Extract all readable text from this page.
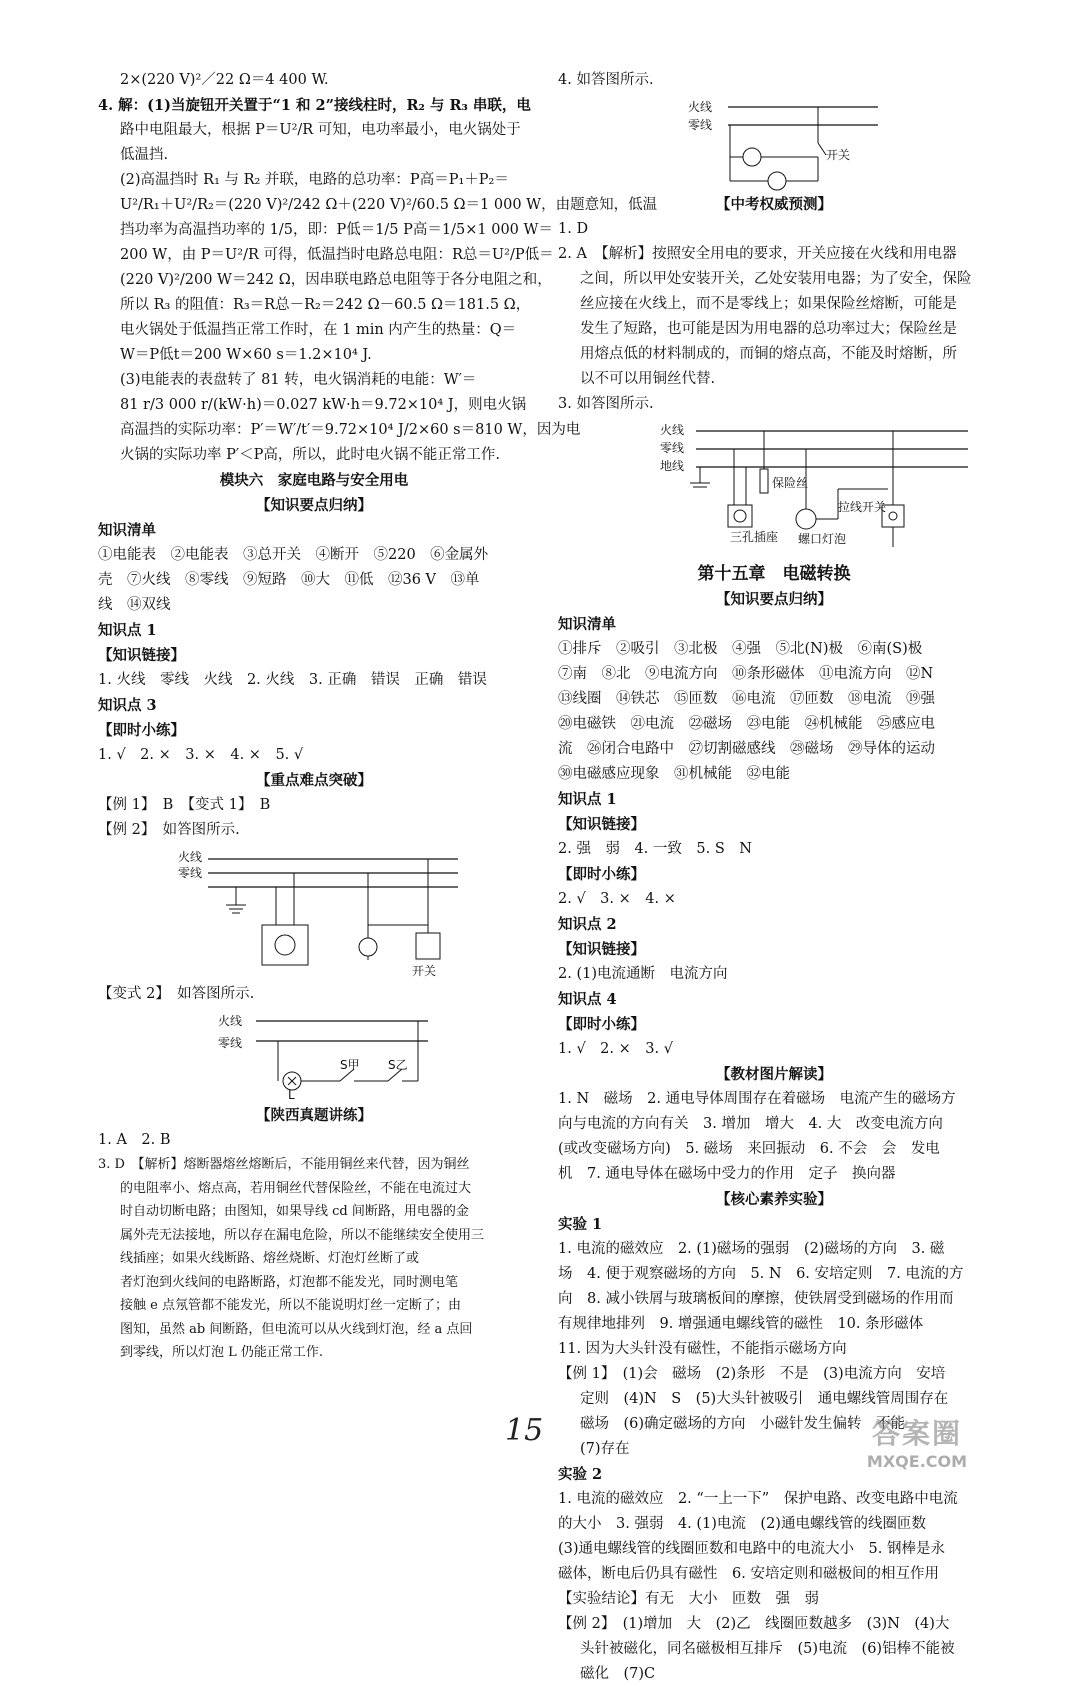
2×(220 V)²／22 Ω＝4 400 W.
4. 解：(1)当旋钮开关置于“1 和 2”接线柱时，R₂ 与 R₃ 串联，电
路中电阻最大，根据 P＝U²/R 可知，电功率最小，电火锅处于
低温挡.
(2)高温挡时 R₁ 与 R₂ 并联，电路的总功率：P高＝P₁＋P₂＝
U²/R₁＋U²/R₂＝(220 V)²/242 Ω＋(220 V)²/60.5 Ω＝1 000 W，由题意知，低温
挡功率为高温挡功率的 1/5，即：P低＝1/5 P高＝1/5×1 000 W＝
200 W，由 P＝U²/R 可得，低温挡时电路总电阻：R总＝U²/P低＝
(220 V)²/200 W＝242 Ω，因串联电路总电阻等于各分电阻之和，
所以 R₃ 的阻值：R₃＝R总－R₂＝242 Ω－60.5 Ω＝181.5 Ω，
电火锅处于低温挡正常工作时，在 1 min 内产生的热量：Q＝
W＝P低t＝200 W×60 s＝1.2×10⁴ J.
(3)电能表的表盘转了 81 转，电火锅消耗的电能：W′＝
81 r/3 000 r/(kW·h)＝0.027 kW·h＝9.72×10⁴ J，则电火锅
高温挡的实际功率：P′＝W′/t′＝9.72×10⁴ J/2×60 s＝810 W，因为电
火锅的实际功率 P′＜P高，所以，此时电火锅不能正常工作.
模块六　家庭电路与安全用电
【知识要点归纳】
知识清单
①电能表　②电能表　③总开关　④断开　⑤220　⑥金属外
壳　⑦火线　⑧零线　⑨短路　⑩大　⑪低　⑫36 V　⑬单
线　⑭双线
知识点 1
【知识链接】
1. 火线　零线　火线　2. 火线　3. 正确　错误　正确　错误
知识点 3
【即时小练】
1. √　2. ×　3. ×　4. ×　5. √
【重点难点突破】
【例 1】　B　【变式 1】　B
【例 2】　如答图所示.
火线
零线
开关
【变式 2】　如答图所示.
火线
零线
L
S甲 S乙
【陕西真题讲练】
1. A　2. B
3. D　【解析】熔断器熔丝熔断后，不能用铜丝来代替，因为铜丝
的电阻率小、熔点高，若用铜丝代替保险丝，不能在电流过大
时自动切断电路；由图知，如果导线 cd 间断路，用电器的金
属外壳无法接地，所以存在漏电危险，所以不能继续安全使用三
线插座；如果火线断路、熔丝烧断、灯泡灯丝断了或
者灯泡到火线间的电路断路，灯泡都不能发光，同时测电笔
接触 e 点氖管都不能发光，所以不能说明灯丝一定断了；由
图知，虽然 ab 间断路，但电流可以从火线到灯泡，经 a 点回
到零线，所以灯泡 L 仍能正常工作.
4. 如答图所示.
火线
零线
开关
【中考权威预测】
1. D
2. A　【解析】按照安全用电的要求，开关应接在火线和用电器
之间，所以甲处安装开关，乙处安装用电器；为了安全，保险
丝应接在火线上，而不是零线上；如果保险丝熔断，可能是
发生了短路，也可能是因为用电器的总功率过大；保险丝是
用熔点低的材料制成的，而铜的熔点高，不能及时熔断，所
以不可以用铜丝代替.
3. 如答图所示.
火线
零线
地线
三孔插座
保险丝
螺口灯泡
拉线开关
第十五章　电磁转换
【知识要点归纳】
知识清单
①排斥　②吸引　③北极　④强　⑤北(N)极　⑥南(S)极
⑦南　⑧北　⑨电流方向　⑩条形磁体　⑪电流方向　⑫N
⑬线圈　⑭铁芯　⑮匝数　⑯电流　⑰匝数　⑱电流　⑲强
⑳电磁铁　㉑电流　㉒磁场　㉓电能　㉔机械能　㉕感应电
流　㉖闭合电路中　㉗切割磁感线　㉘磁场　㉙导体的运动
㉚电磁感应现象　㉛机械能　㉜电能
知识点 1
【知识链接】
2. 强　弱　4. 一致　5. S　N
【即时小练】
2. √　3. ×　4. ×
知识点 2
【知识链接】
2. (1)电流通断　电流方向
知识点 4
【即时小练】
1. √　2. ×　3. √
【教材图片解读】
1. N　磁场　2. 通电导体周围存在着磁场　电流产生的磁场方
向与电流的方向有关　3. 增加　增大　4. 大　改变电流方向
(或改变磁场方向)　5. 磁场　来回振动　6. 不会　会　发电
机　7. 通电导体在磁场中受力的作用　定子　换向器
【核心素养实验】
实验 1
1. 电流的磁效应　2. (1)磁场的强弱　(2)磁场的方向　3. 磁
场　4. 便于观察磁场的方向　5. N　6. 安培定则　7. 电流的方
向　8. 减小铁屑与玻璃板间的摩擦，使铁屑受到磁场的作用而
有规律地排列　9. 增强通电螺线管的磁性　10. 条形磁体
11. 因为大头针没有磁性，不能指示磁场方向
【例 1】　(1)会　磁场　(2)条形　不是　(3)电流方向　安培
定则　(4)N　S　(5)大头针被吸引　通电螺线管周围存在
磁场　(6)确定磁场的方向　小磁针发生偏转　不能
(7)存在
实验 2
1. 电流的磁效应　2. “一上一下”　保护电路、改变电路中电流
的大小　3. 强弱　4. (1)电流　(2)通电螺线管的线圈匝数
(3)通电螺线管的线圈匝数和电路中的电流大小　5. 钢棒是永
磁体，断电后仍具有磁性　6. 安培定则和磁极间的相互作用
【实验结论】有无　大小　匝数　强　弱
【例 2】　(1)增加　大　(2)乙　线圈匝数越多　(3)N　(4)大
头针被磁化，同名磁极相互排斥　(5)电流　(6)铝棒不能被
磁化　(7)C
15	答案圈
MXQE.COM
